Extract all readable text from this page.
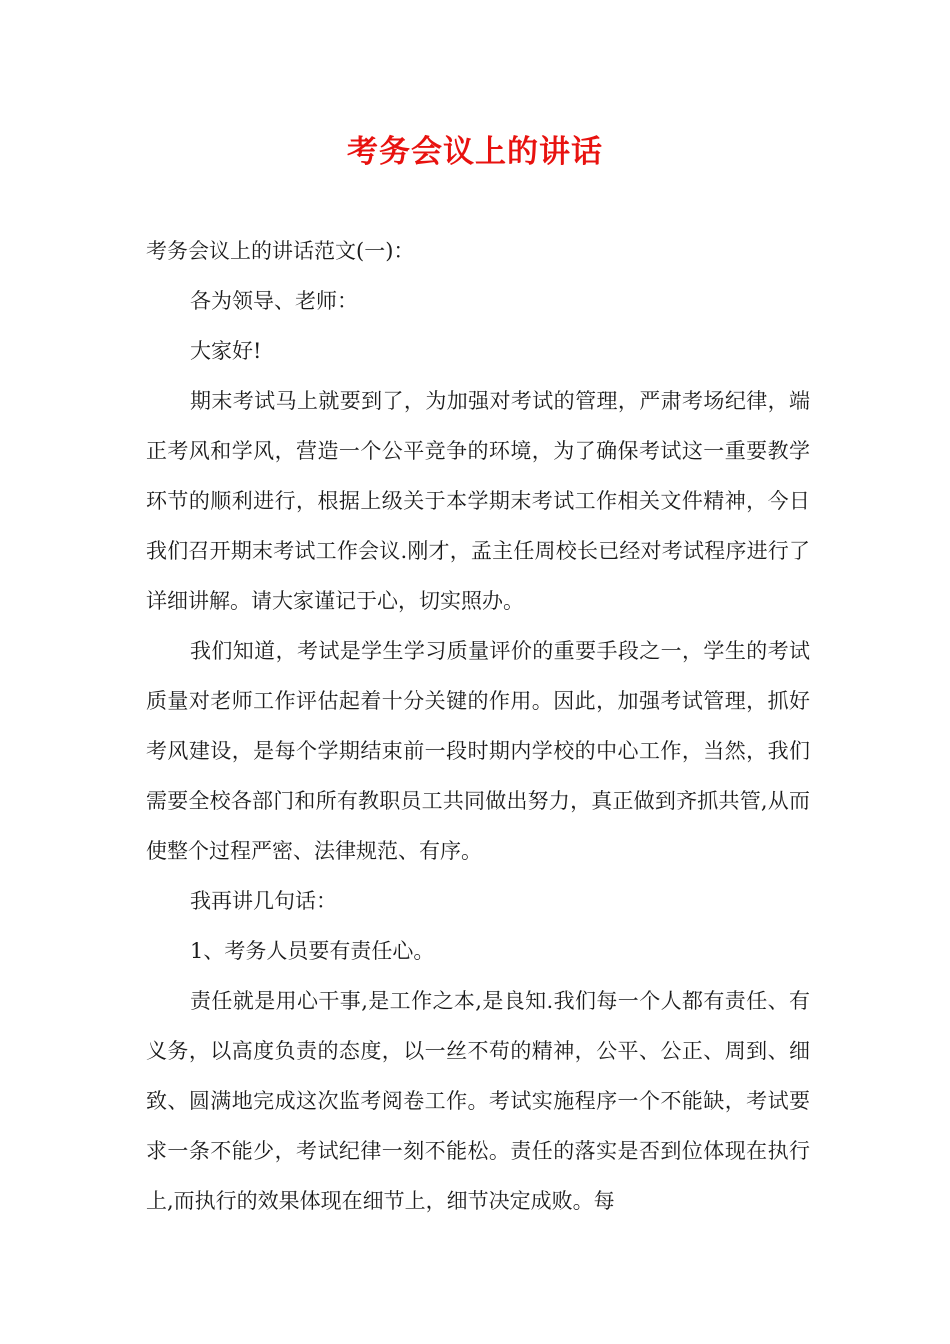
考务会议上的讲话

考务会议上的讲话范文(一)：

各为领导、老师：

大家好!

期末考试马上就要到了，为加强对考试的管理，严肃考场纪律，端正考风和学风，营造一个公平竞争的环境，为了确保考试这一重要教学环节的顺利进行，根据上级关于本学期末考试工作相关文件精神，今日我们召开期末考试工作会议.刚才，孟主任周校长已经对考试程序进行了详细讲解。请大家谨记于心，切实照办。

我们知道，考试是学生学习质量评价的重要手段之一，学生的考试质量对老师工作评估起着十分关键的作用。因此，加强考试管理，抓好考风建设，是每个学期结束前一段时期内学校的中心工作，当然，我们需要全校各部门和所有教职员工共同做出努力，真正做到齐抓共管,从而使整个过程严密、法律规范、有序。

我再讲几句话：

1、考务人员要有责任心。

责任就是用心干事,是工作之本,是良知.我们每一个人都有责任、有义务，以高度负责的态度，以一丝不苟的精神，公平、公正、周到、细致、圆满地完成这次监考阅卷工作。考试实施程序一个不能缺，考试要求一条不能少，考试纪律一刻不能松。责任的落实是否到位体现在执行上,而执行的效果体现在细节上，细节决定成败。每
